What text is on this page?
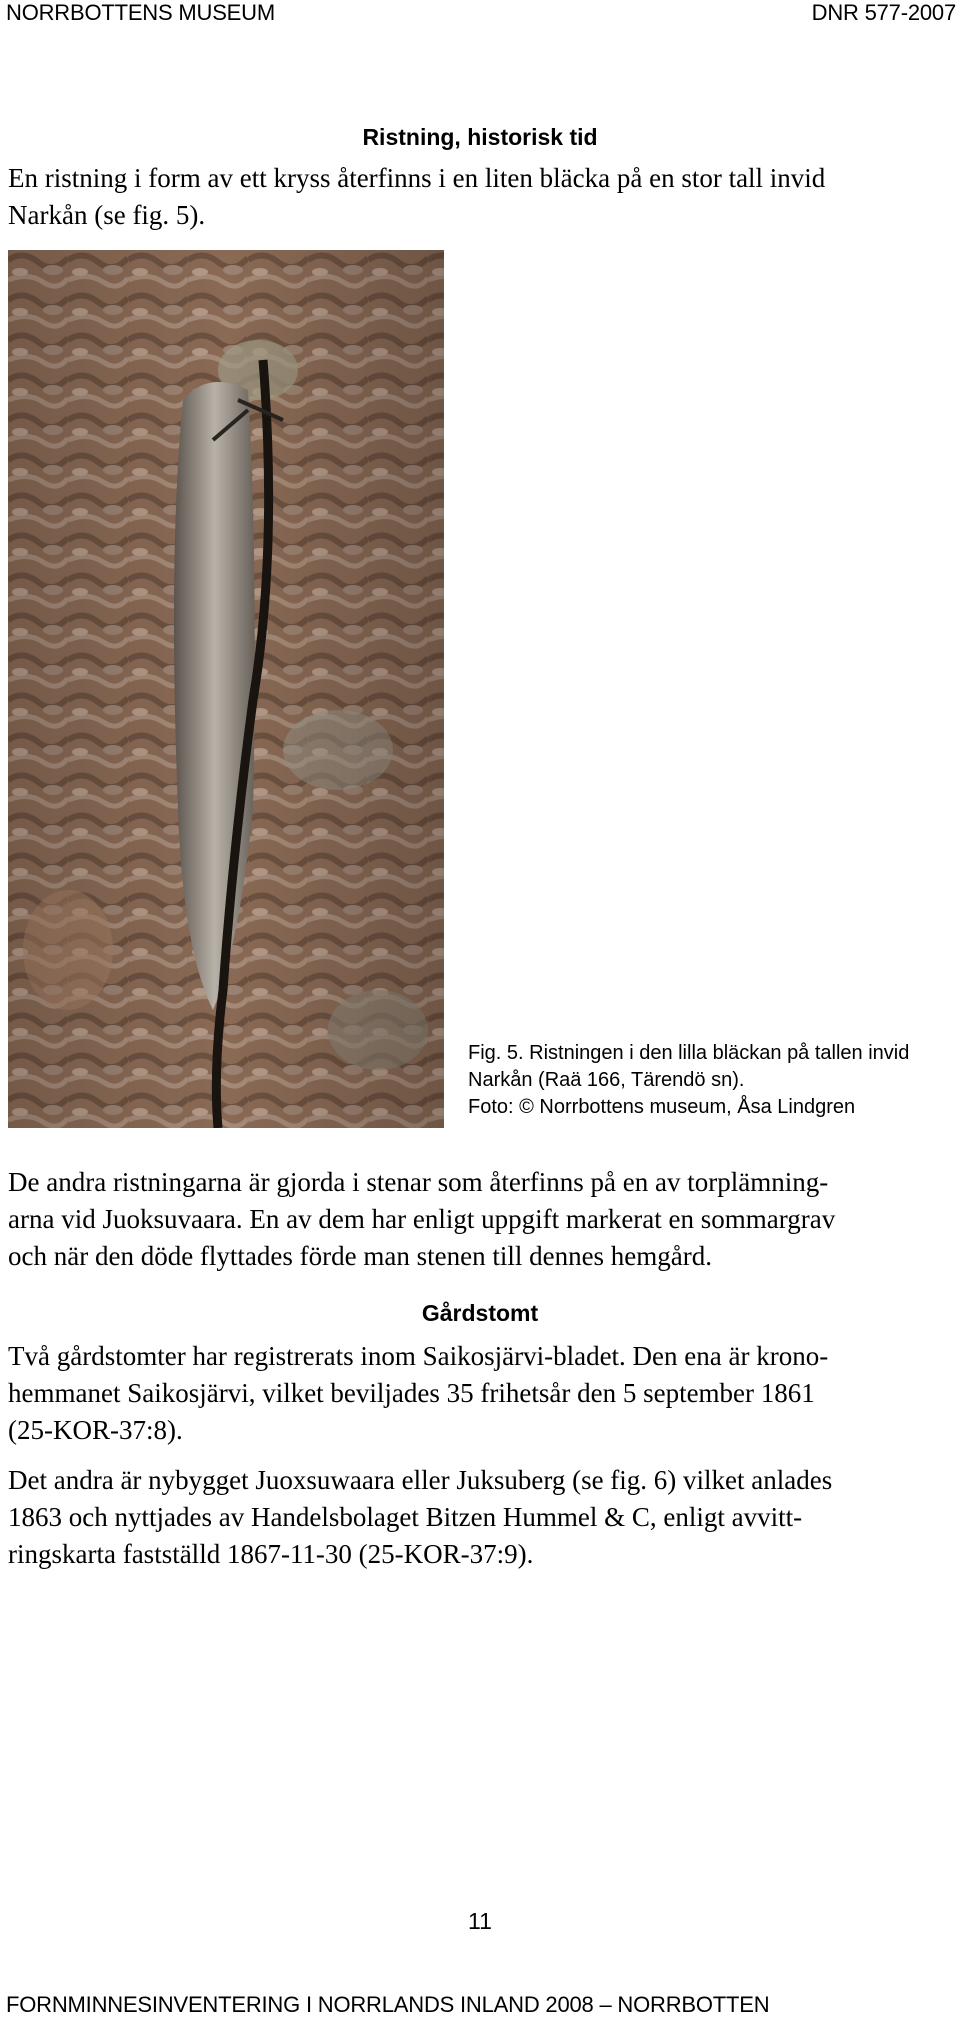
NORRBOTTENS MUSEUM	DNR 577-2007
Ristning, historisk tid
En ristning i form av ett kryss återfinns i en liten bläcka på en stor tall invid
Narkån (se fig. 5).
Fig. 5. Ristningen i den lilla bläckan på tallen invid
Narkån (Raä 166, Tärendö sn).
Foto: © Norrbottens museum, Åsa Lindgren
De andra ristningarna är gjorda i stenar som återfinns på en av torplämning-
arna vid Juoksuvaara. En av dem har enligt uppgift markerat en sommargrav
och när den döde flyttades förde man stenen till dennes hemgård.
Gårdstomt
Två gårdstomter har registrerats inom Saikosjärvi-bladet. Den ena är krono-
hemmanet Saikosjärvi, vilket beviljades 35 frihetsår den 5 september 1861
(25-KOR-37:8).
Det andra är nybygget Juoxsuwaara eller Juksuberg (se fig. 6) vilket anlades
1863 och nyttjades av Handelsbolaget Bitzen Hummel & C, enligt avvitt-
ringskarta fastställd 1867-11-30 (25-KOR-37:9).
11
FORNMINNESINVENTERING I NORRLANDS INLAND 2008 – NORRBOTTEN
